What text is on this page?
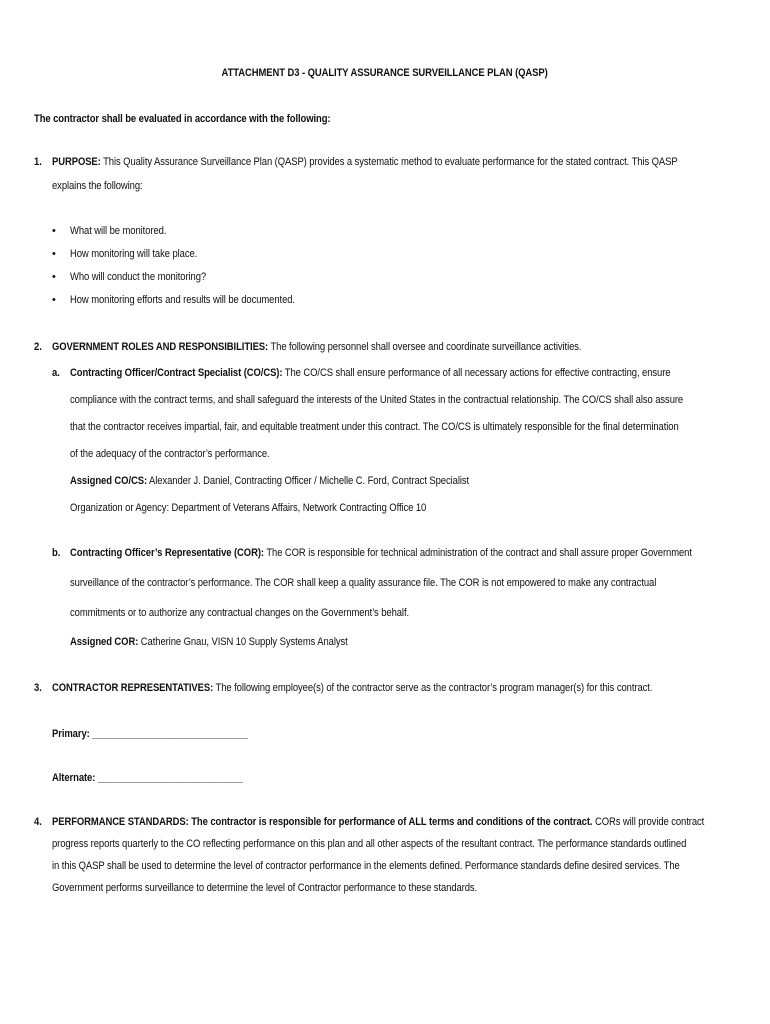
ATTACHMENT D3 - QUALITY ASSURANCE SURVEILLANCE PLAN (QASP)
The contractor shall be evaluated in accordance with the following:
1. PURPOSE: This Quality Assurance Surveillance Plan (QASP) provides a systematic method to evaluate performance for the stated contract. This QASP
explains the following:
• What will be monitored.
• How monitoring will take place.
• Who will conduct the monitoring?
• How monitoring efforts and results will be documented.
2. GOVERNMENT ROLES AND RESPONSIBILITIES: The following personnel shall oversee and coordinate surveillance activities.
a. Contracting Officer/Contract Specialist (CO/CS): The CO/CS shall ensure performance of all necessary actions for effective contracting, ensure
compliance with the contract terms, and shall safeguard the interests of the United States in the contractual relationship. The CO/CS shall also assure
that the contractor receives impartial, fair, and equitable treatment under this contract. The CO/CS is ultimately responsible for the final determination
of the adequacy of the contractor’s performance.
Assigned CO/CS: Alexander J. Daniel, Contracting Officer / Michelle C. Ford, Contract Specialist
Organization or Agency: Department of Veterans Affairs, Network Contracting Office 10
b. Contracting Officer’s Representative (COR): The COR is responsible for technical administration of the contract and shall assure proper Government
surveillance of the contractor’s performance. The COR shall keep a quality assurance file. The COR is not empowered to make any contractual
commitments or to authorize any contractual changes on the Government’s behalf.
Assigned COR: Catherine Gnau, VISN 10 Supply Systems Analyst
3. CONTRACTOR REPRESENTATIVES: The following employee(s) of the contractor serve as the contractor’s program manager(s) for this contract.
Primary: ______________________________
Alternate: ____________________________
4. PERFORMANCE STANDARDS: The contractor is responsible for performance of ALL terms and conditions of the contract. CORs will provide contract
progress reports quarterly to the CO reflecting performance on this plan and all other aspects of the resultant contract. The performance standards outlined
in this QASP shall be used to determine the level of contractor performance in the elements defined. Performance standards define desired services. The
Government performs surveillance to determine the level of Contractor performance to these standards.
